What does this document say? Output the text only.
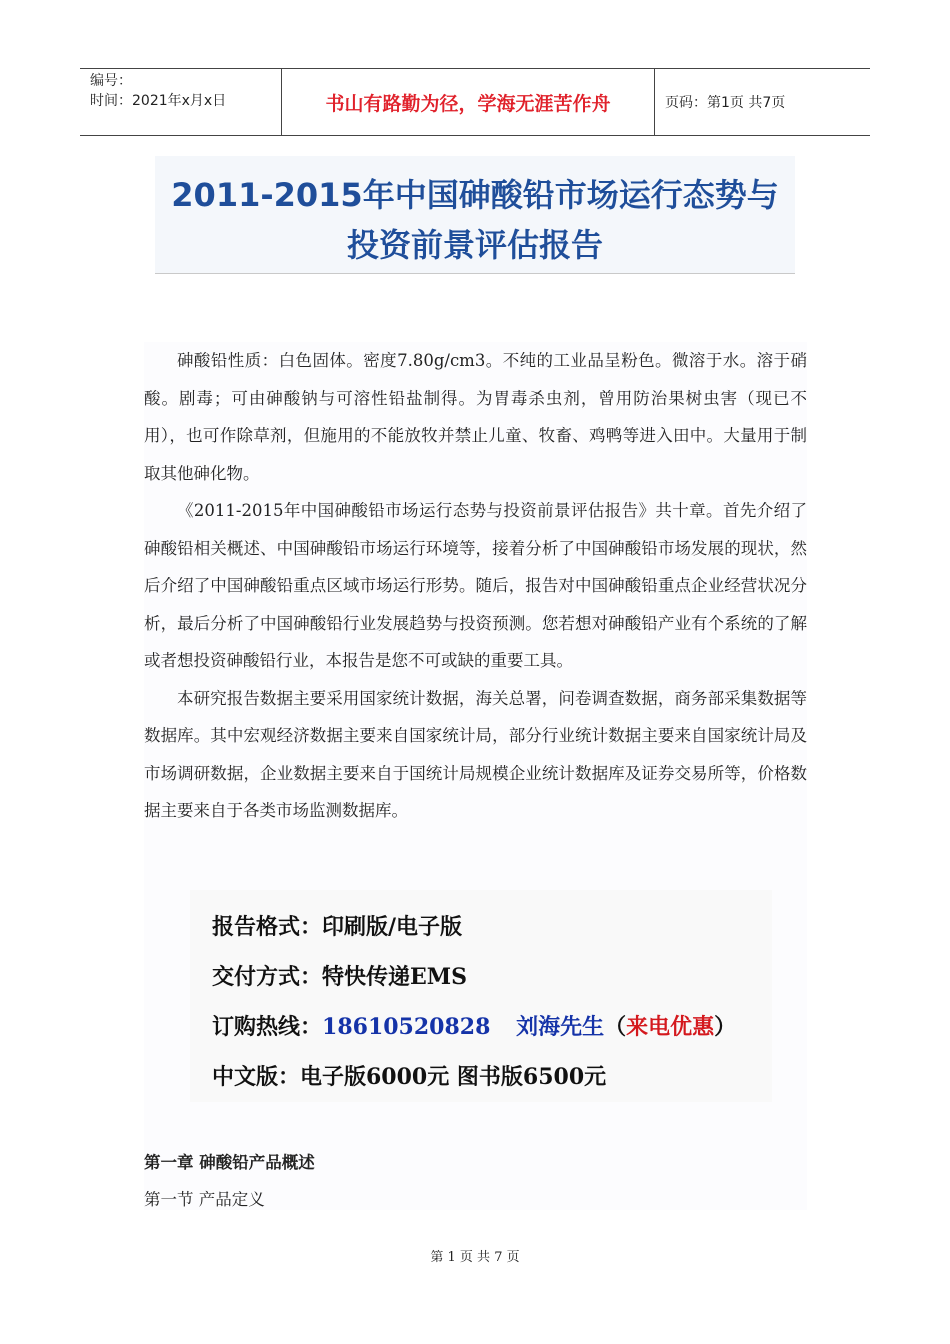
编号：
时间：2021年x月x日	书山有路勤为径，学海无涯苦作舟	页码：第1页 共7页
2011-2015年中国砷酸铅市场运行态势与
投资前景评估报告

砷酸铅性质：白色固体。密度7.80g/cm3。不纯的工业品呈粉色。微溶于水。溶于硝酸。剧毒；可由砷酸钠与可溶性铅盐制得。为胃毒杀虫剂，曾用防治果树虫害（现已不用），也可作除草剂，但施用的不能放牧并禁止儿童、牧畜、鸡鸭等进入田中。大量用于制取其他砷化物。

《2011-2015年中国砷酸铅市场运行态势与投资前景评估报告》共十章。首先介绍了砷酸铅相关概述、中国砷酸铅市场运行环境等，接着分析了中国砷酸铅市场发展的现状，然后介绍了中国砷酸铅重点区域市场运行形势。随后，报告对中国砷酸铅重点企业经营状况分析，最后分析了中国砷酸铅行业发展趋势与投资预测。您若想对砷酸铅产业有个系统的了解或者想投资砷酸铅行业，本报告是您不可或缺的重要工具。

本研究报告数据主要采用国家统计数据，海关总署，问卷调查数据，商务部采集数据等数据库。其中宏观经济数据主要来自国家统计局，部分行业统计数据主要来自国家统计局及市场调研数据，企业数据主要来自于国统计局规模企业统计数据库及证券交易所等，价格数据主要来自于各类市场监测数据库。

报告格式：印刷版/电子版
交付方式：特快传递EMS
订购热线：18610520828 刘海先生（来电优惠）
中文版：电子版6000元 图书版6500元
第一章 砷酸铅产品概述
第一节 产品定义
第 1 页 共 7 页
